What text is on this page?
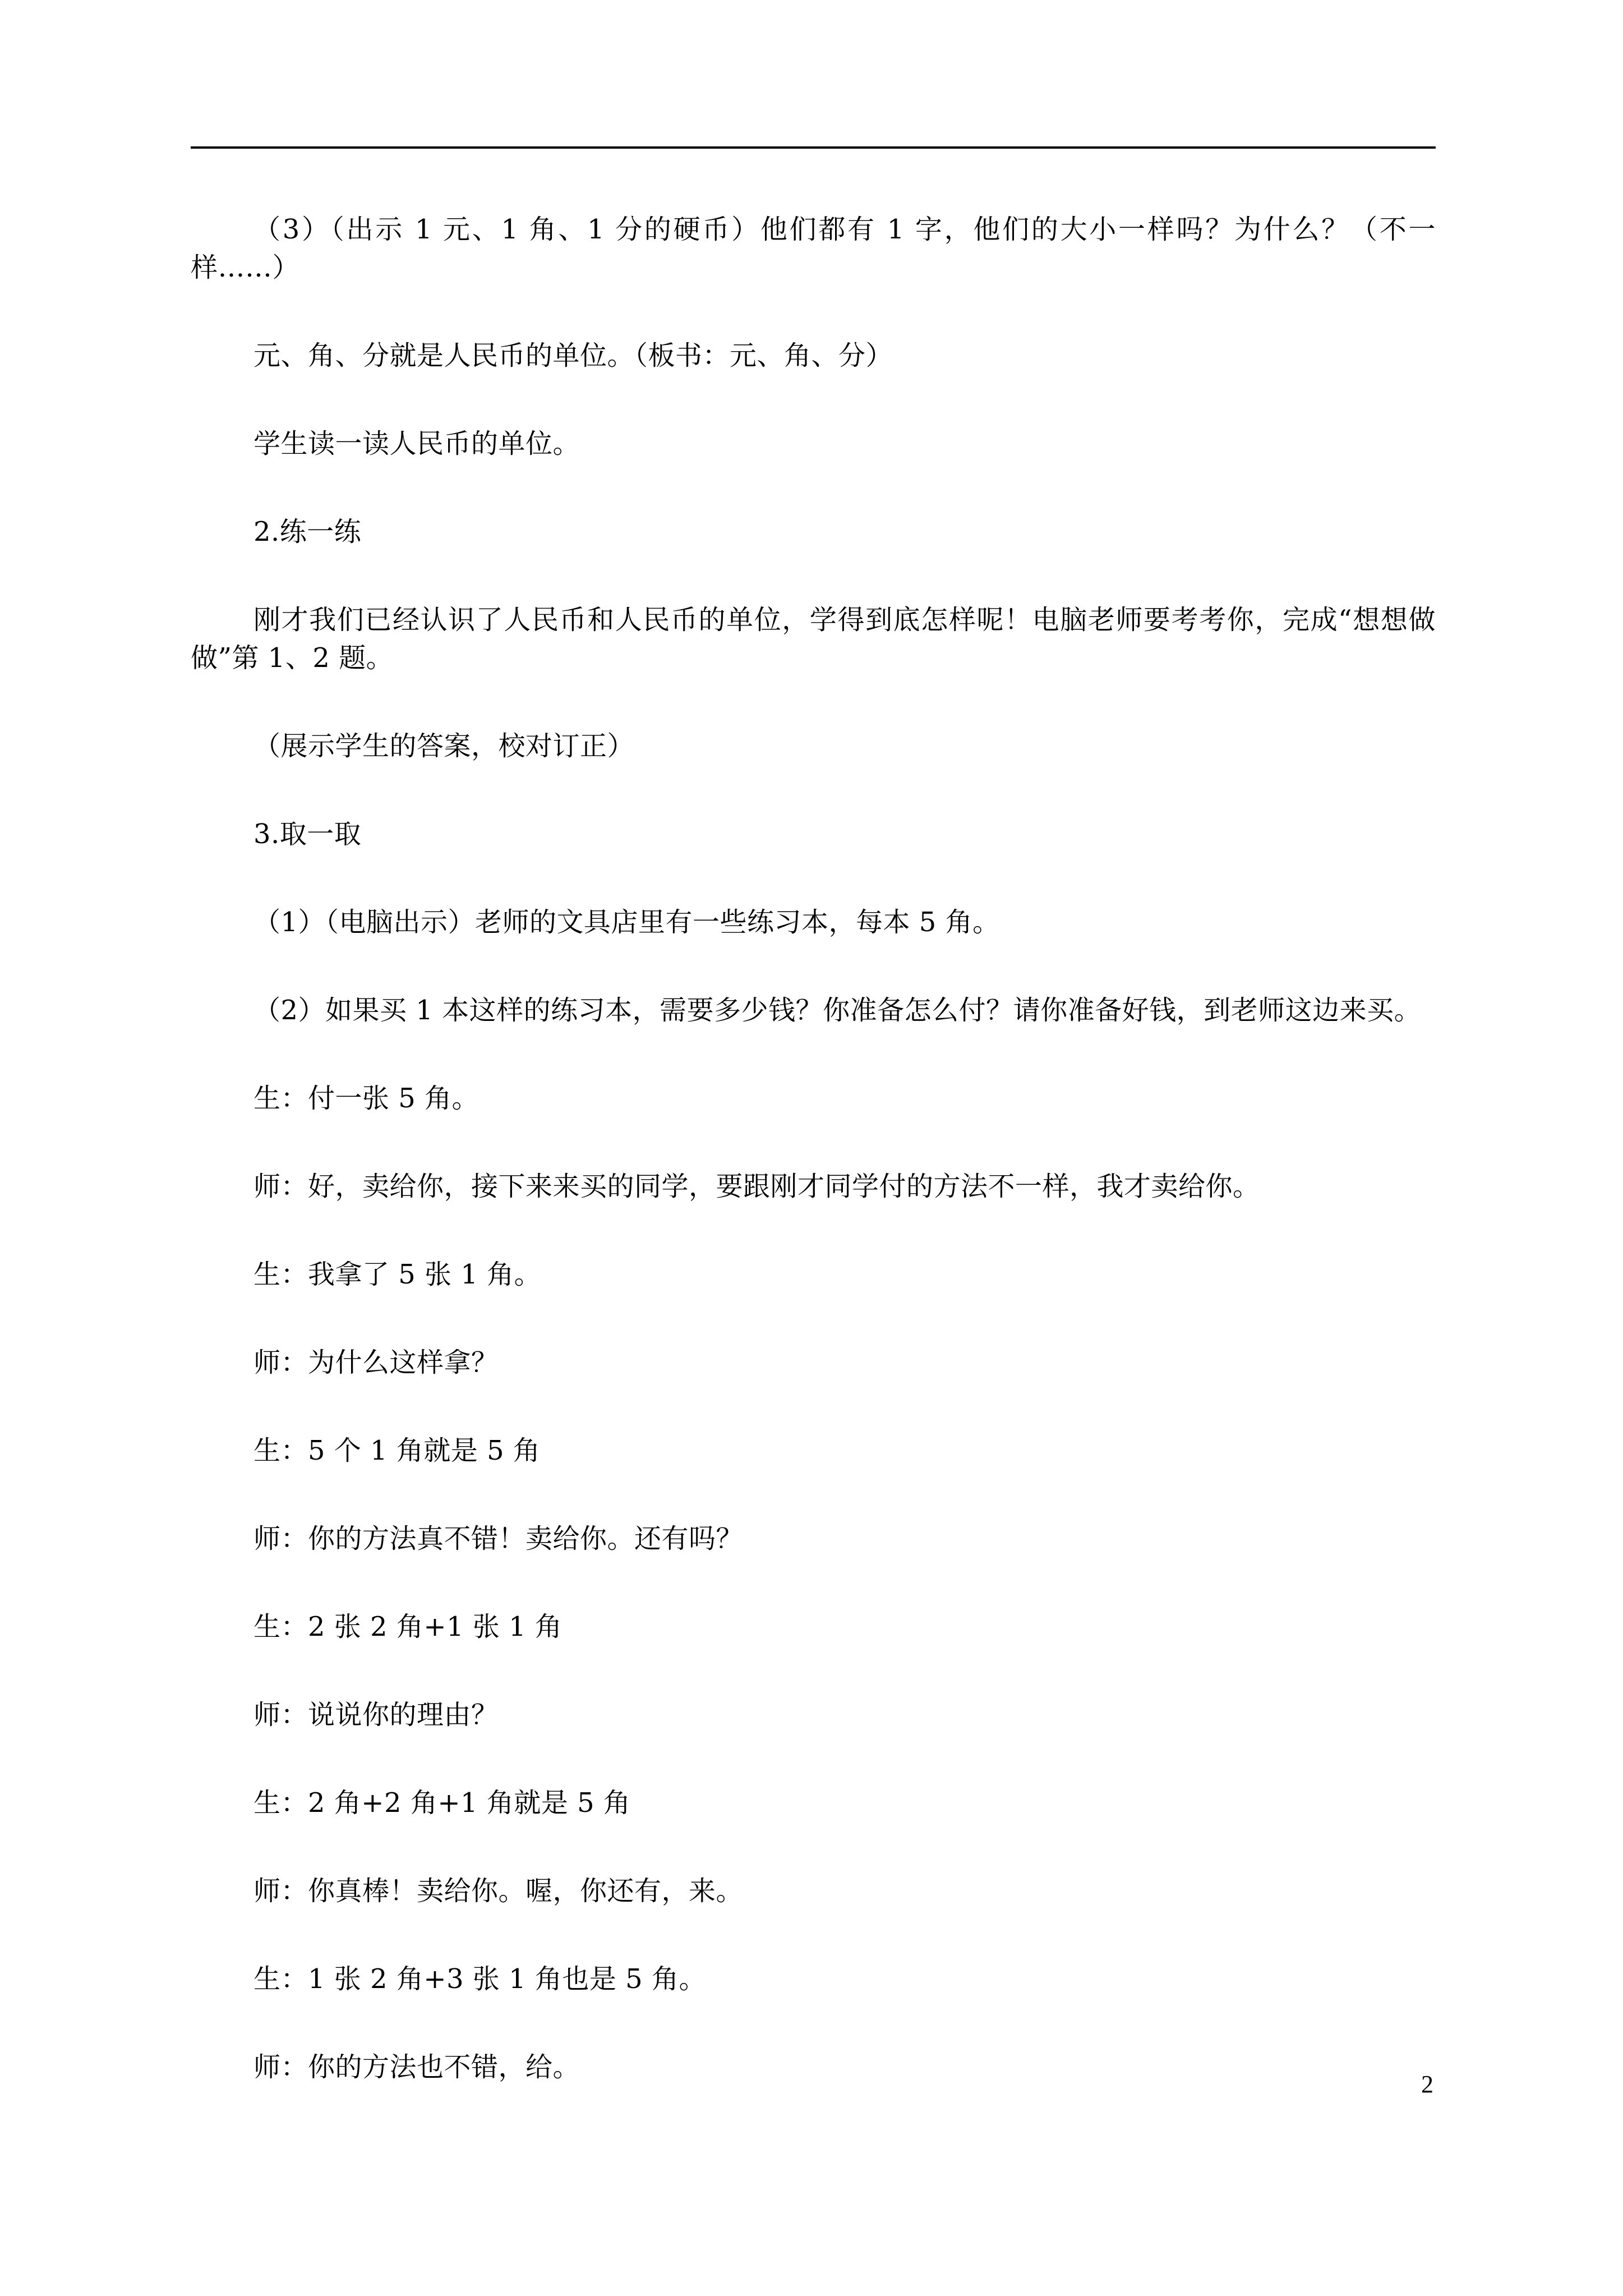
（3）（出示 1 元、1 角、1 分的硬币）他们都有 1 字，他们的大小一样吗？为什么？（不一样……）

元、角、分就是人民币的单位。（板书：元、角、分）

学生读一读人民币的单位。

2.练一练

刚才我们已经认识了人民币和人民币的单位，学得到底怎样呢！电脑老师要考考你，完成“想想做做”第 1、2 题。

（展示学生的答案，校对订正）

3.取一取

（1）（电脑出示）老师的文具店里有一些练习本，每本 5 角。

（2）如果买 1 本这样的练习本，需要多少钱？你准备怎么付？请你准备好钱，到老师这边来买。

生：付一张 5 角。

师：好，卖给你，接下来来买的同学，要跟刚才同学付的方法不一样，我才卖给你。

生：我拿了 5 张 1 角。

师：为什么这样拿？

生：5 个 1 角就是 5 角

师：你的方法真不错！卖给你。还有吗？

生：2 张 2 角+1 张 1 角

师：说说你的理由？

生：2 角+2 角+1 角就是 5 角

师：你真棒！卖给你。喔，你还有，来。

生：1 张 2 角+3 张 1 角也是 5 角。

师：你的方法也不错，给。

2
